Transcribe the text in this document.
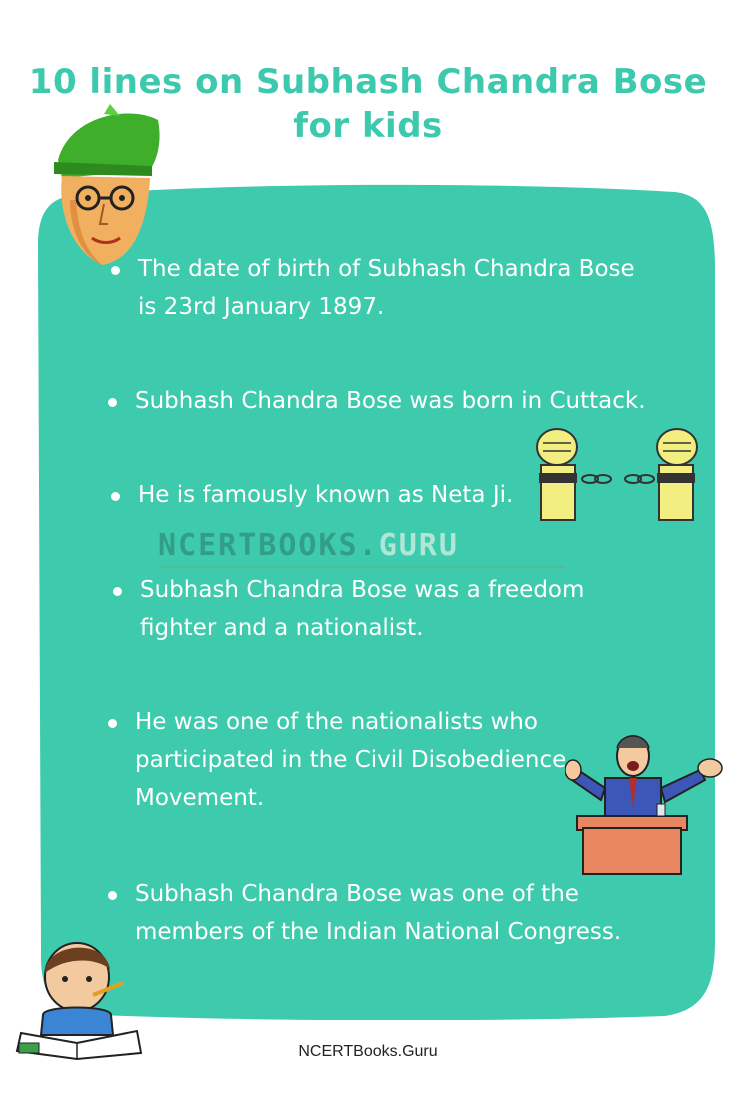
10 lines on Subhash Chandra Bose
for kids
The date of birth of Subhash Chandra Bose
is 23rd January 1897.
Subhash Chandra Bose was born in Cuttack.
He is famously known as Neta Ji.
Subhash Chandra Bose was a freedom
fighter and a nationalist.
He was one of the nationalists who
participated in the Civil Disobedience
Movement.
Subhash Chandra Bose was one of the
members of the Indian National Congress.
NCERTBOOKS.GURU
NCERTBooks.Guru
